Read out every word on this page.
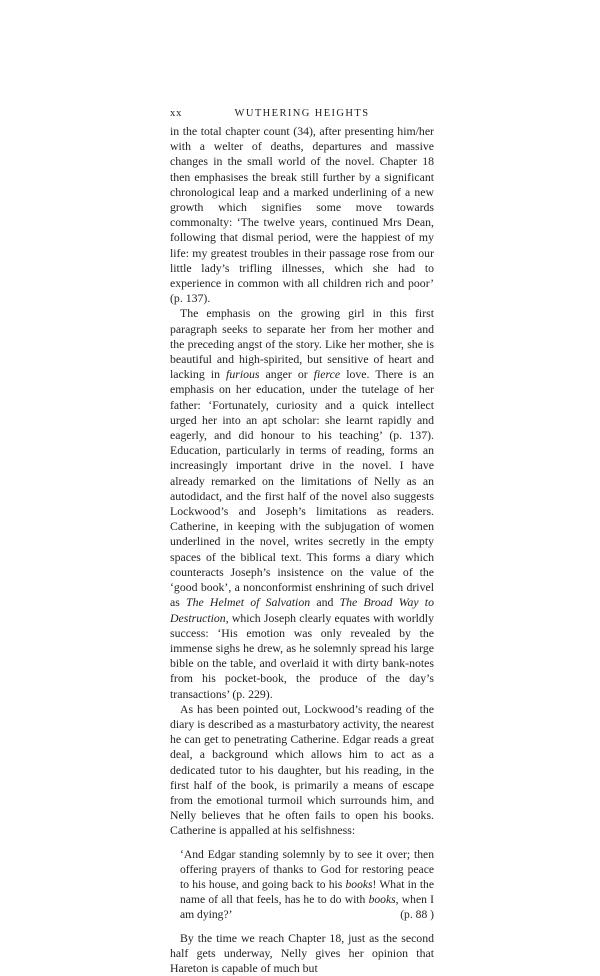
xx	WUTHERING HEIGHTS

in the total chapter count (34), after presenting him/her with a welter of deaths, departures and massive changes in the small world of the novel. Chapter 18 then emphasises the break still further by a significant chronological leap and a marked underlining of a new growth which signifies some move towards commonalty: ‘The twelve years, continued Mrs Dean, following that dismal period, were the happiest of my life: my greatest troubles in their passage rose from our little lady’s trifling illnesses, which she had to experience in common with all children rich and poor’ (p. 137).

The emphasis on the growing girl in this first paragraph seeks to separate her from her mother and the preceding angst of the story. Like her mother, she is beautiful and high-spirited, but sensitive of heart and lacking in furious anger or fierce love. There is an emphasis on her education, under the tutelage of her father: ‘Fortunately, curiosity and a quick intellect urged her into an apt scholar: she learnt rapidly and eagerly, and did honour to his teaching’ (p. 137). Education, particularly in terms of reading, forms an increasingly important drive in the novel. I have already remarked on the limitations of Nelly as an autodidact, and the first half of the novel also suggests Lockwood’s and Joseph’s limitations as readers. Catherine, in keeping with the subjugation of women underlined in the novel, writes secretly in the empty spaces of the biblical text. This forms a diary which counteracts Joseph’s insistence on the value of the ‘good book’, a nonconformist enshrining of such drivel as The Helmet of Salvation and The Broad Way to Destruction, which Joseph clearly equates with worldly success: ‘His emotion was only revealed by the immense sighs he drew, as he solemnly spread his large bible on the table, and overlaid it with dirty bank-notes from his pocket-book, the produce of the day’s transactions’ (p. 229).

As has been pointed out, Lockwood’s reading of the diary is described as a masturbatory activity, the nearest he can get to penetrating Catherine. Edgar reads a great deal, a background which allows him to act as a dedicated tutor to his daughter, but his reading, in the first half of the book, is primarily a means of escape from the emotional turmoil which surrounds him, and Nelly believes that he often fails to open his books. Catherine is appalled at his selfishness:

‘And Edgar standing solemnly by to see it over; then offering prayers of thanks to God for restoring peace to his house, and going back to his books! What in the name of all that feels, has he to do with books, when I am dying?’	(p. 88 )

By the time we reach Chapter 18, just as the second half gets underway, Nelly gives her opinion that Hareton is capable of much but
